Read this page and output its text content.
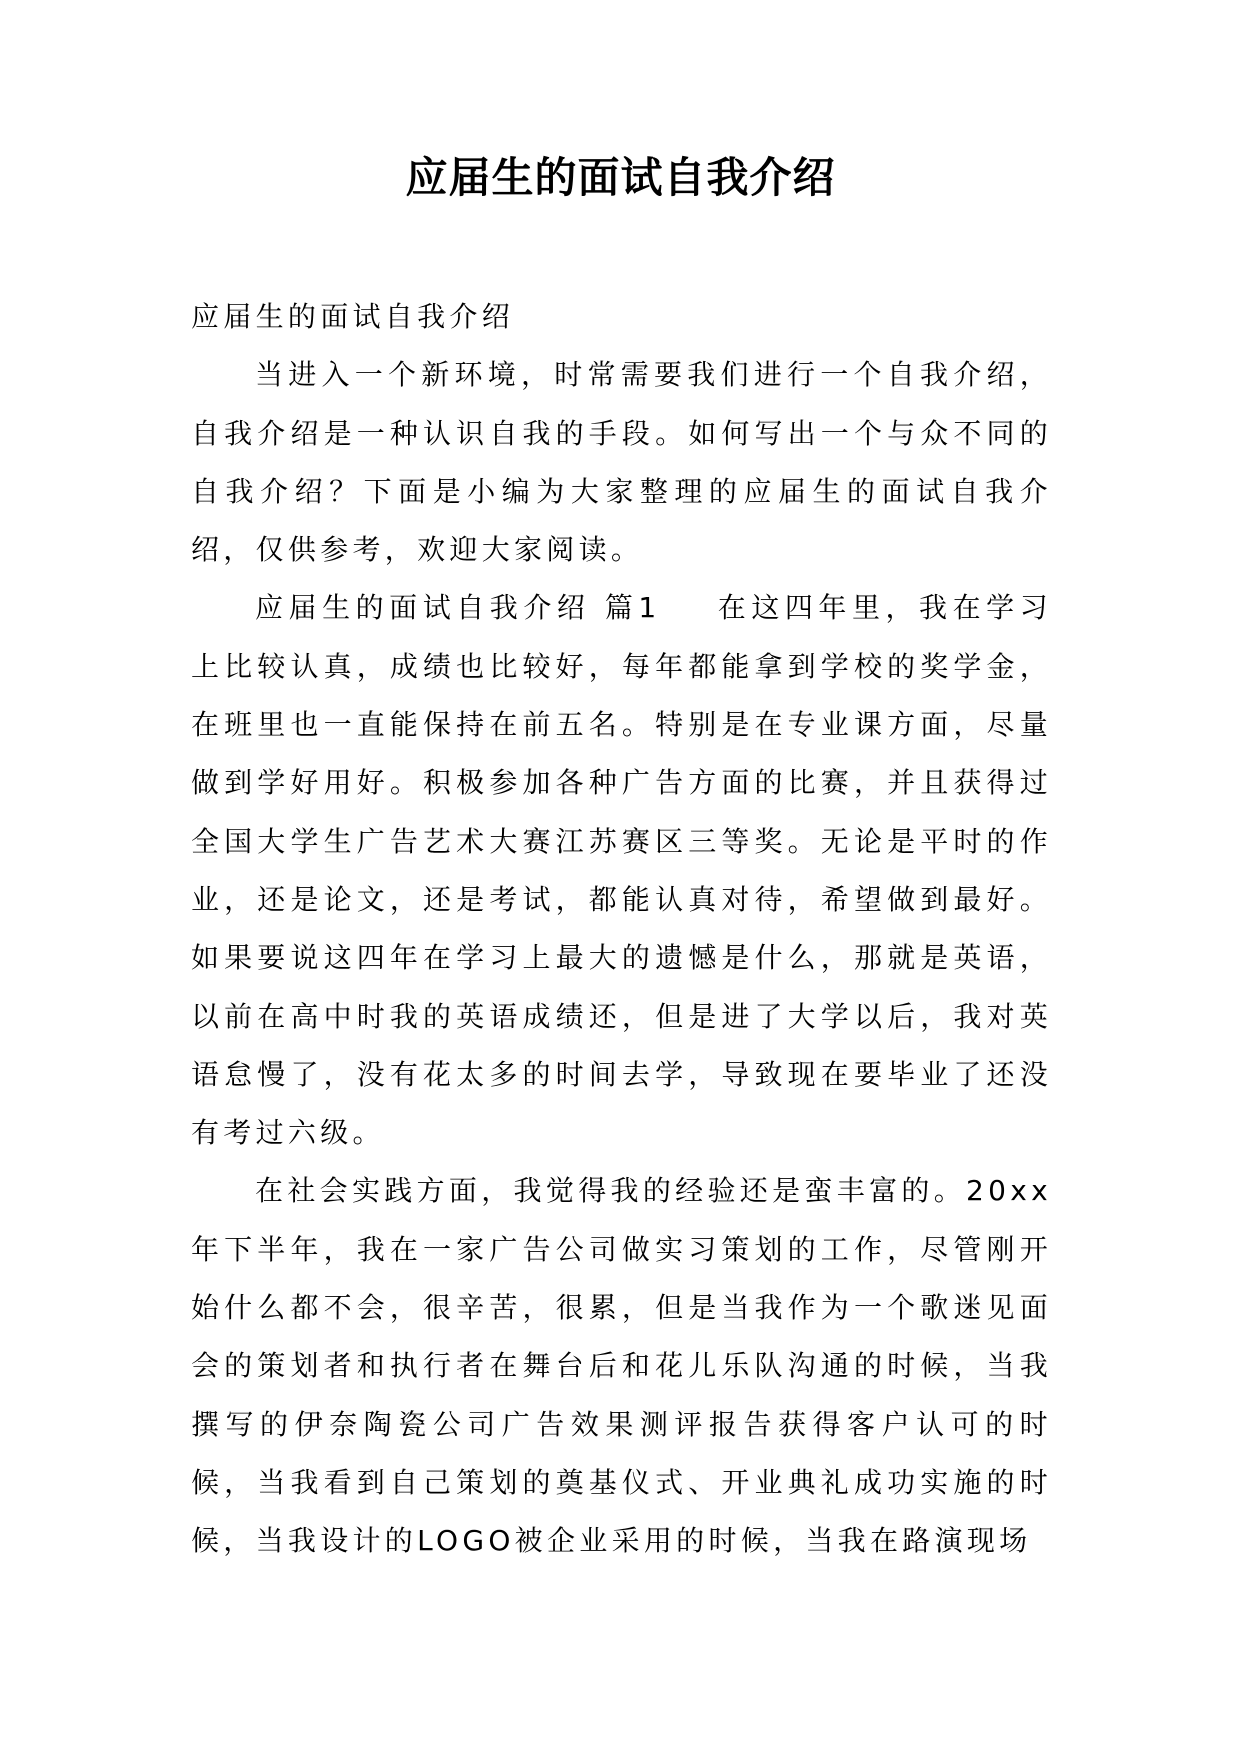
应届生的面试自我介绍

应届生的面试自我介绍

当进入一个新环境，时常需要我们进行一个自我介绍，自我介绍是一种认识自我的手段。如何写出一个与众不同的自我介绍？下面是小编为大家整理的应届生的面试自我介绍，仅供参考，欢迎大家阅读。

应届生的面试自我介绍 篇1 在这四年里，我在学习上比较认真，成绩也比较好，每年都能拿到学校的奖学金，在班里也一直能保持在前五名。特别是在专业课方面，尽量做到学好用好。积极参加各种广告方面的比赛，并且获得过全国大学生广告艺术大赛江苏赛区三等奖。无论是平时的作业，还是论文，还是考试，都能认真对待，希望做到最好。如果要说这四年在学习上最大的遗憾是什么，那就是英语，以前在高中时我的英语成绩还，但是进了大学以后，我对英语怠慢了，没有花太多的时间去学，导致现在要毕业了还没有考过六级。

在社会实践方面，我觉得我的经验还是蛮丰富的。20xx年下半年，我在一家广告公司做实习策划的工作，尽管刚开始什么都不会，很辛苦，很累，但是当我作为一个歌迷见面会的策划者和执行者在舞台后和花儿乐队沟通的时候，当我撰写的伊奈陶瓷公司广告效果测评报告获得客户认可的时候，当我看到自己策划的奠基仪式、开业典礼成功实施的时候，当我设计的LOGO被企业采用的时候，当我在路演现场
